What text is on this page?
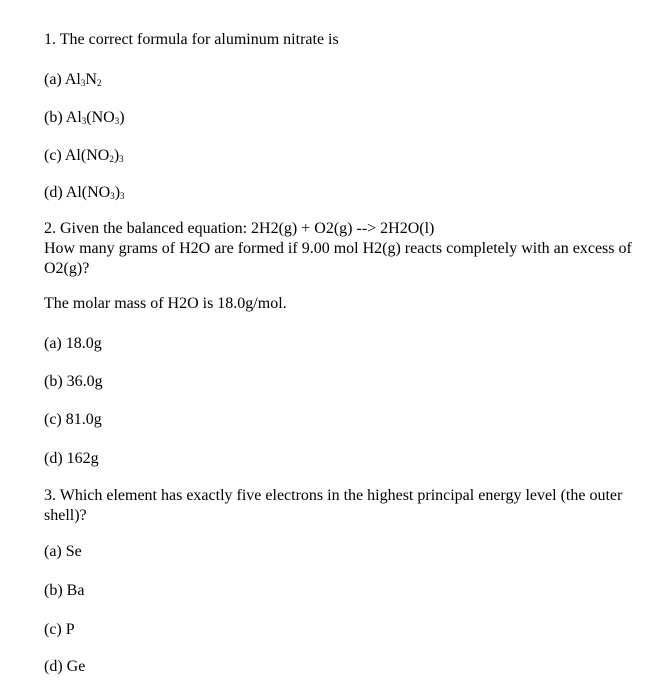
1. The correct formula for aluminum nitrate is
(a) $Al_3N_2$
(b) $Al_3(NO_3)$
(c) $Al(NO_2)_3$
(d) $Al(NO_3)_3$
2. Given the balanced equation: 2H2(g) + O2(g) --> 2H2O(l)
How many grams of H2O are formed if 9.00 mol H2(g) reacts completely with an excess of O2(g)?
The molar mass of H2O is 18.0g/mol.
(a) 18.0g
(b) 36.0g
(c) 81.0g
(d) 162g
3. Which element has exactly five electrons in the highest principal energy level (the outer shell)?
(a) Se
(b) Ba
(c) P
(d) Ge
